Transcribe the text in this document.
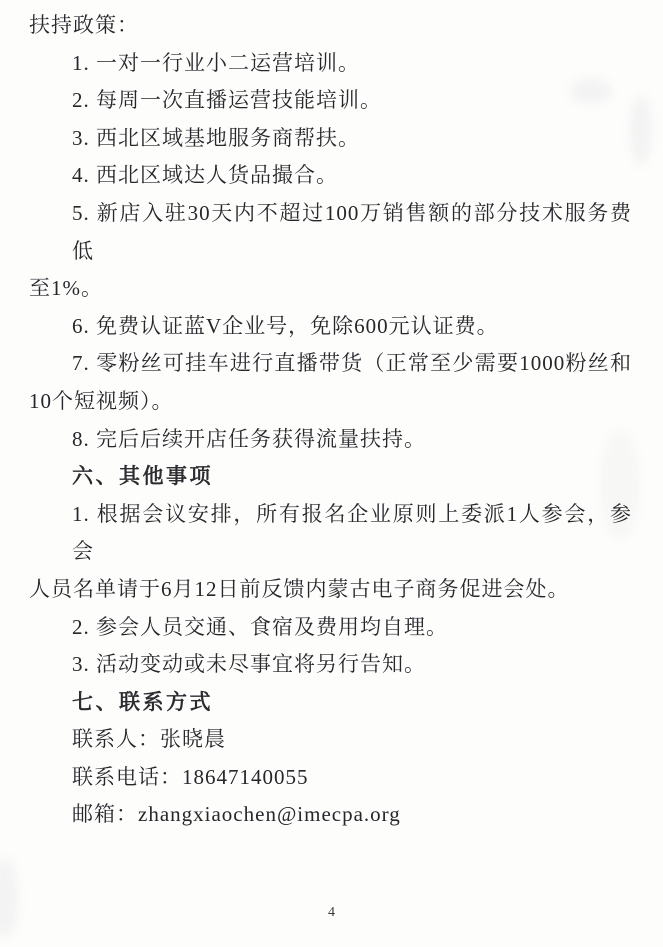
扶持政策：
1. 一对一行业小二运营培训。
2. 每周一次直播运营技能培训。
3. 西北区域基地服务商帮扶。
4. 西北区域达人货品撮合。
5. 新店入驻30天内不超过100万销售额的部分技术服务费低
至1%。
6. 免费认证蓝V企业号，免除600元认证费。
7. 零粉丝可挂车进行直播带货（正常至少需要1000粉丝和
10个短视频）。
8. 完后后续开店任务获得流量扶持。
六、其他事项
1. 根据会议安排，所有报名企业原则上委派1人参会，参会
人员名单请于6月12日前反馈内蒙古电子商务促进会处。
2. 参会人员交通、食宿及费用均自理。
3. 活动变动或未尽事宜将另行告知。
七、联系方式
联系人：张晓晨
联系电话：18647140055
邮箱：zhangxiaochen@imecpa.org
4
